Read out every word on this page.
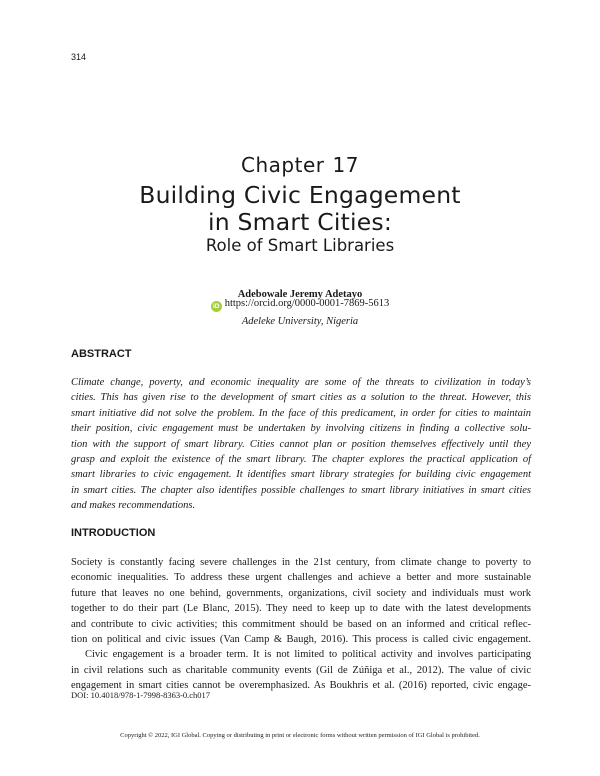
314
Chapter 17
Building Civic Engagement
in Smart Cities:
Role of Smart Libraries
Adebowale Jeremy Adetayo
iD https://orcid.org/0000-0001-7869-5613
Adeleke University, Nigeria
ABSTRACT
Climate change, poverty, and economic inequality are some of the threats to civilization in today’s
cities. This has given rise to the development of smart cities as a solution to the threat. However, this
smart initiative did not solve the problem. In the face of this predicament, in order for cities to maintain
their position, civic engagement must be undertaken by involving citizens in finding a collective solu-
tion with the support of smart library. Cities cannot plan or position themselves effectively until they
grasp and exploit the existence of the smart library. The chapter explores the practical application of
smart libraries to civic engagement. It identifies smart library strategies for building civic engagement
in smart cities. The chapter also identifies possible challenges to smart library initiatives in smart cities
and makes recommendations.
INTRODUCTION
Society is constantly facing severe challenges in the 21st century, from climate change to poverty to
economic inequalities. To address these urgent challenges and achieve a better and more sustainable
future that leaves no one behind, governments, organizations, civil society and individuals must work
together to do their part (Le Blanc, 2015). They need to keep up to date with the latest developments
and contribute to civic activities; this commitment should be based on an informed and critical reflec-
tion on political and civic issues (Van Camp & Baugh, 2016). This process is called civic engagement.
Civic engagement is a broader term. It is not limited to political activity and involves participating
in civil relations such as charitable community events (Gil de Zúñiga et al., 2012). The value of civic
engagement in smart cities cannot be overemphasized. As Boukhris et al. (2016) reported, civic engage-
DOI: 10.4018/978-1-7998-8363-0.ch017
Copyright © 2022, IGI Global. Copying or distributing in print or electronic forms without written permission of IGI Global is prohibited.
